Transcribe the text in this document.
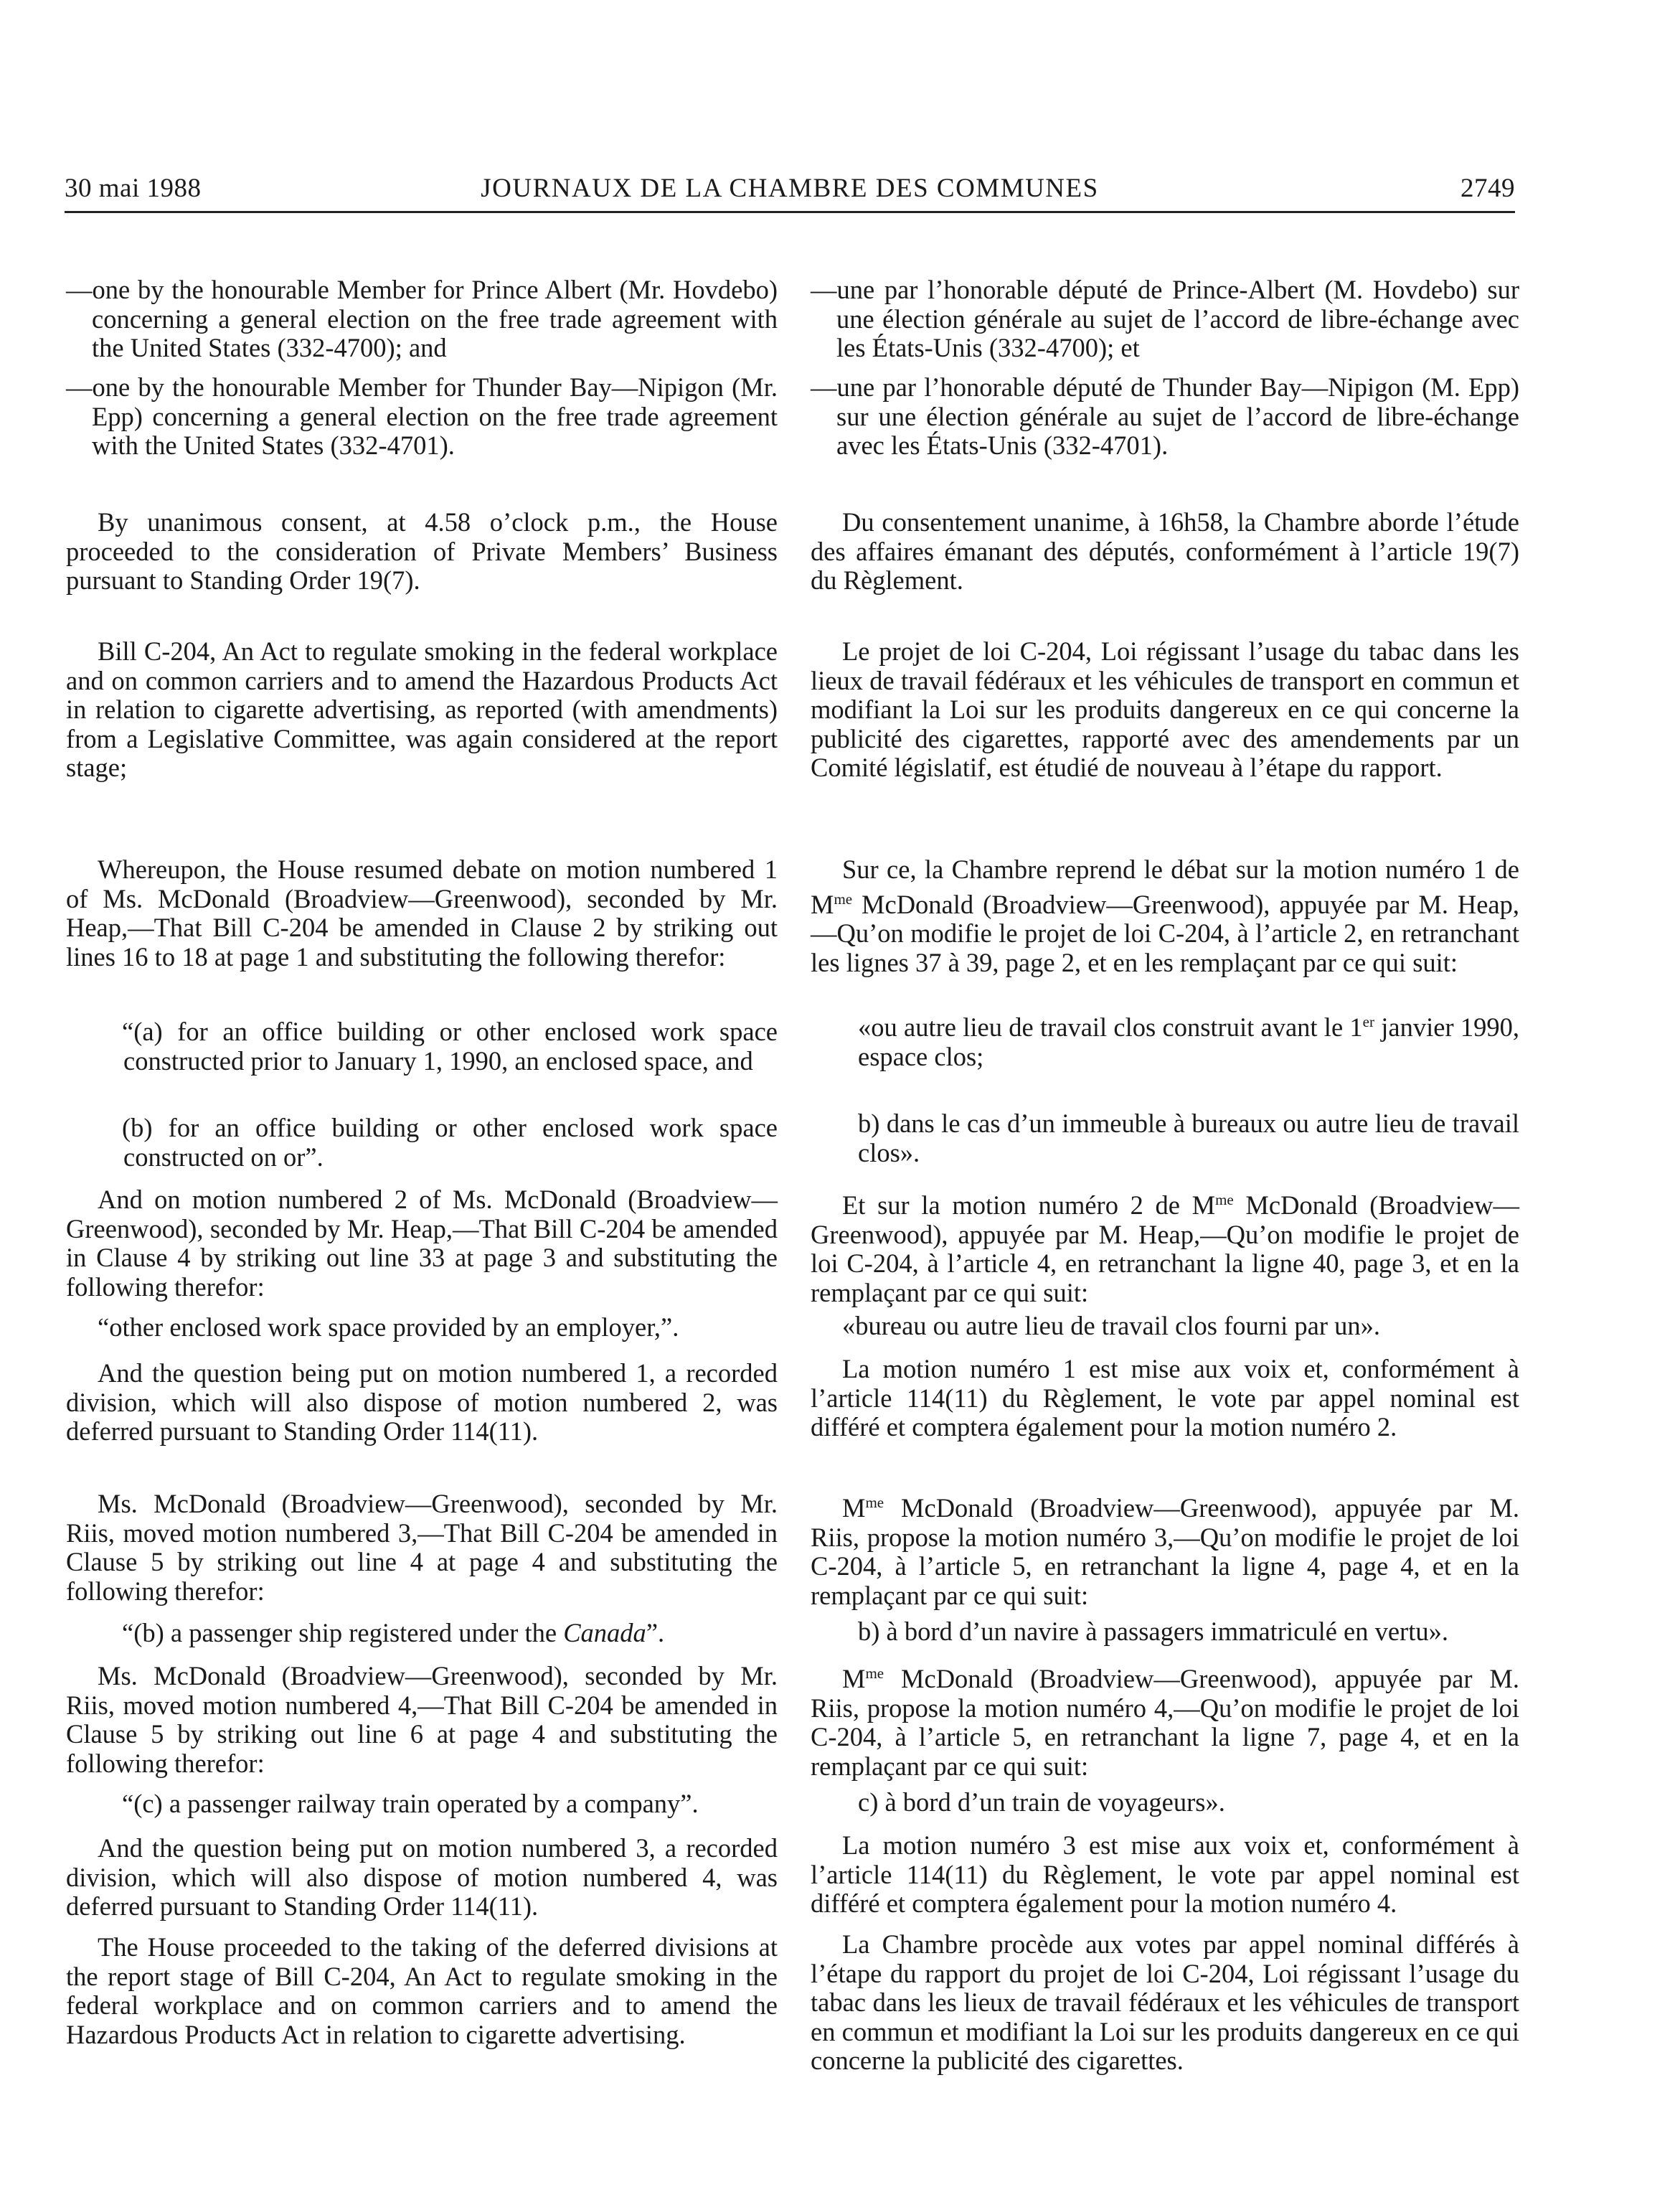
30 mai 1988	JOURNAUX DE LA CHAMBRE DES COMMUNES	2749

—one by the honourable Member for Prince Albert (Mr. Hovdebo) concerning a general election on the free trade agreement with the United States (332-4700); and

—one by the honourable Member for Thunder Bay—Nipigon (Mr. Epp) concerning a general election on the free trade agreement with the United States (332-4701).

By unanimous consent, at 4.58 o’clock p.m., the House proceeded to the consideration of Private Members’ Business pursuant to Standing Order 19(7).

Bill C-204, An Act to regulate smoking in the federal workplace and on common carriers and to amend the Hazardous Products Act in relation to cigarette advertising, as reported (with amendments) from a Legislative Committee, was again considered at the report stage;

Whereupon, the House resumed debate on motion numbered 1 of Ms. McDonald (Broadview—Greenwood), seconded by Mr. Heap,—That Bill C-204 be amended in Clause 2 by striking out lines 16 to 18 at page 1 and substituting the following therefor:

“(a) for an office building or other enclosed work space constructed prior to January 1, 1990, an enclosed space, and

(b) for an office building or other enclosed work space constructed on or”.

And on motion numbered 2 of Ms. McDonald (Broadview—Greenwood), seconded by Mr. Heap,—That Bill C-204 be amended in Clause 4 by striking out line 33 at page 3 and substituting the following therefor:

“other enclosed work space provided by an employer,”.

And the question being put on motion numbered 1, a recorded division, which will also dispose of motion numbered 2, was deferred pursuant to Standing Order 114(11).

Ms. McDonald (Broadview—Greenwood), seconded by Mr. Riis, moved motion numbered 3,—That Bill C-204 be amended in Clause 5 by striking out line 4 at page 4 and substituting the following therefor:

“(b) a passenger ship registered under the Canada”.

Ms. McDonald (Broadview—Greenwood), seconded by Mr. Riis, moved motion numbered 4,—That Bill C-204 be amended in Clause 5 by striking out line 6 at page 4 and substituting the following therefor:

“(c) a passenger railway train operated by a company”.

And the question being put on motion numbered 3, a recorded division, which will also dispose of motion numbered 4, was deferred pursuant to Standing Order 114(11).

The House proceeded to the taking of the deferred divisions at the report stage of Bill C-204, An Act to regulate smoking in the federal workplace and on common carriers and to amend the Hazardous Products Act in relation to cigarette advertising.

—une par l’honorable député de Prince-Albert (M. Hovdebo) sur une élection générale au sujet de l’accord de libre-échange avec les États-Unis (332-4700); et

—une par l’honorable député de Thunder Bay—Nipigon (M. Epp) sur une élection générale au sujet de l’accord de libre-échange avec les États-Unis (332-4701).

Du consentement unanime, à 16h58, la Chambre aborde l’étude des affaires émanant des députés, conformément à l’article 19(7) du Règlement.

Le projet de loi C-204, Loi régissant l’usage du tabac dans les lieux de travail fédéraux et les véhicules de transport en commun et modifiant la Loi sur les produits dangereux en ce qui concerne la publicité des cigarettes, rapporté avec des amendements par un Comité législatif, est étudié de nouveau à l’étape du rapport.

Sur ce, la Chambre reprend le débat sur la motion numéro 1 de $M^{me}$ McDonald (Broadview—Greenwood), appuyée par M. Heap,—Qu’on modifie le projet de loi C-204, à l’article 2, en retranchant les lignes 37 à 39, page 2, et en les remplaçant par ce qui suit:

«ou autre lieu de travail clos construit avant le 1er janvier 1990, espace clos;

b) dans le cas d’un immeuble à bureaux ou autre lieu de travail clos».

Et sur la motion numéro 2 de $M^{me}$ McDonald (Broadview—Greenwood), appuyée par M. Heap,—Qu’on modifie le projet de loi C-204, à l’article 4, en retranchant la ligne 40, page 3, et en la remplaçant par ce qui suit:

«bureau ou autre lieu de travail clos fourni par un».

La motion numéro 1 est mise aux voix et, conformément à l’article 114(11) du Règlement, le vote par appel nominal est différé et comptera également pour la motion numéro 2.

$M^{me}$ McDonald (Broadview—Greenwood), appuyée par M. Riis, propose la motion numéro 3,—Qu’on modifie le projet de loi C-204, à l’article 5, en retranchant la ligne 4, page 4, et en la remplaçant par ce qui suit:

b) à bord d’un navire à passagers immatriculé en vertu».

$M^{me}$ McDonald (Broadview—Greenwood), appuyée par M. Riis, propose la motion numéro 4,—Qu’on modifie le projet de loi C-204, à l’article 5, en retranchant la ligne 7, page 4, et en la remplaçant par ce qui suit:

c) à bord d’un train de voyageurs».

La motion numéro 3 est mise aux voix et, conformément à l’article 114(11) du Règlement, le vote par appel nominal est différé et comptera également pour la motion numéro 4.

La Chambre procède aux votes par appel nominal différés à l’étape du rapport du projet de loi C-204, Loi régissant l’usage du tabac dans les lieux de travail fédéraux et les véhicules de transport en commun et modifiant la Loi sur les produits dangereux en ce qui concerne la publicité des cigarettes.
